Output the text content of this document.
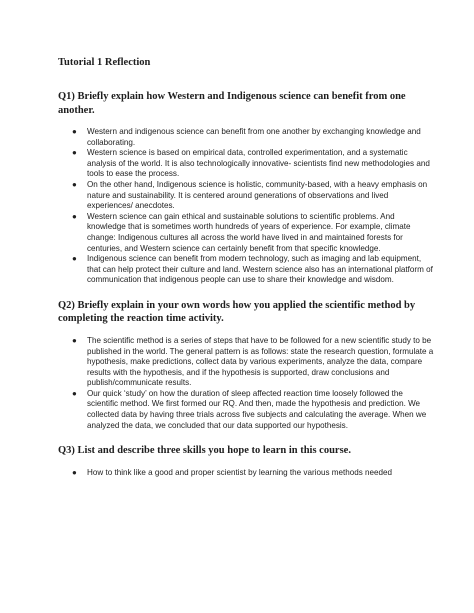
Tutorial 1 Reflection
Q1) Briefly explain how Western and Indigenous science can benefit from one another.
● Western and indigenous science can benefit from one another by exchanging knowledge and collaborating.
● Western science is based on empirical data, controlled experimentation, and a systematic analysis of the world. It is also technologically innovative- scientists find new methodologies and tools to ease the process.
● On the other hand, Indigenous science is holistic, community-based, with a heavy emphasis on nature and sustainability. It is centered around generations of observations and lived experiences/ anecdotes.
● Western science can gain ethical and sustainable solutions to scientific problems. And knowledge that is sometimes worth hundreds of years of experience. For example, climate change: Indigenous cultures all across the world have lived in and maintained forests for centuries, and Western science can certainly benefit from that specific knowledge.
● Indigenous science can benefit from modern technology, such as imaging and lab equipment, that can help protect their culture and land. Western science also has an international platform of communication that indigenous people can use to share their knowledge and wisdom.
Q2) Briefly explain in your own words how you applied the scientific method by completing the reaction time activity.
● The scientific method is a series of steps that have to be followed for a new scientific study to be published in the world. The general pattern is as follows: state the research question, formulate a hypothesis, make predictions, collect data by various experiments, analyze the data, compare results with the hypothesis, and if the hypothesis is supported, draw conclusions and publish/communicate results.
● Our quick ‘study’ on how the duration of sleep affected reaction time loosely followed the scientific method. We first formed our RQ. And then, made the hypothesis and prediction. We collected data by having three trials across five subjects and calculating the average. When we analyzed the data, we concluded that our data supported our hypothesis.
Q3) List and describe three skills you hope to learn in this course.
● How to think like a good and proper scientist by learning the various methods needed
